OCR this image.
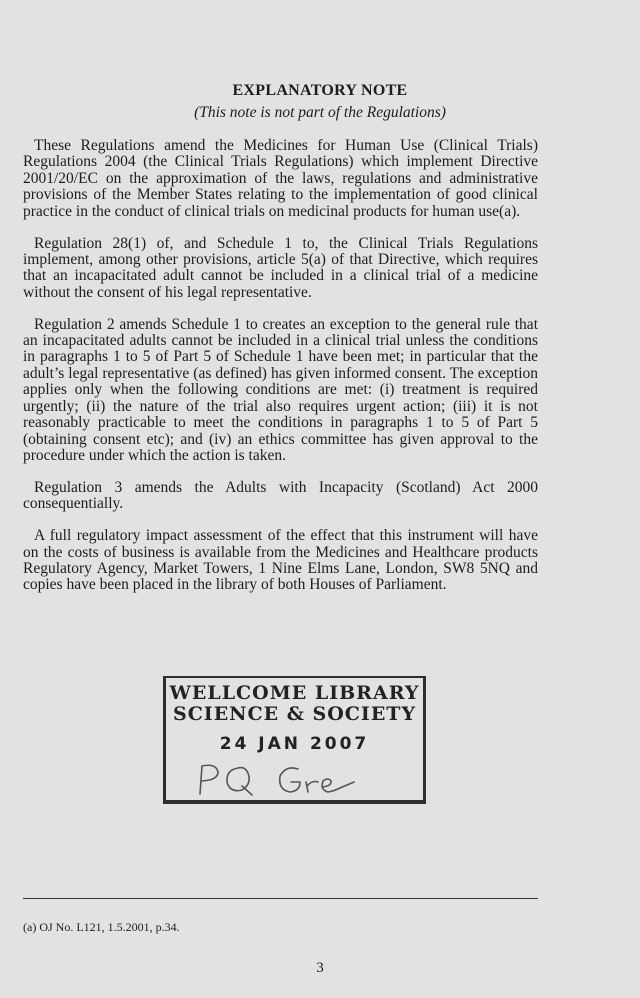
EXPLANATORY NOTE
(This note is not part of the Regulations)

These Regulations amend the Medicines for Human Use (Clinical Trials) Regulations 2004 (the Clinical Trials Regulations) which implement Directive 2001/20/EC on the approximation of the laws, regulations and administrative provisions of the Member States relating to the implementation of good clinical practice in the conduct of clinical trials on medicinal products for human use(a).

Regulation 28(1) of, and Schedule 1 to, the Clinical Trials Regulations implement, among other provisions, article 5(a) of that Directive, which requires that an incapacitated adult cannot be included in a clinical trial of a medicine without the consent of his legal representative.

Regulation 2 amends Schedule 1 to creates an exception to the general rule that an incapacitated adults cannot be included in a clinical trial unless the conditions in paragraphs 1 to 5 of Part 5 of Schedule 1 have been met; in particular that the adult’s legal representative (as defined) has given informed consent. The exception applies only when the following conditions are met: (i) treatment is required urgently; (ii) the nature of the trial also requires urgent action; (iii) it is not reasonably practicable to meet the conditions in paragraphs 1 to 5 of Part 5 (obtaining consent etc); and (iv) an ethics committee has given approval to the procedure under which the action is taken.

Regulation 3 amends the Adults with Incapacity (Scotland) Act 2000 consequentially.

A full regulatory impact assessment of the effect that this instrument will have on the costs of business is available from the Medicines and Healthcare products Regulatory Agency, Market Towers, 1 Nine Elms Lane, London, SW8 5NQ and copies have been placed in the library of both Houses of Parliament.

WELLCOME LIBRARY
SCIENCE & SOCIETY
24 JAN 2007
(a) OJ No. L121, 1.5.2001, p.34.
3
